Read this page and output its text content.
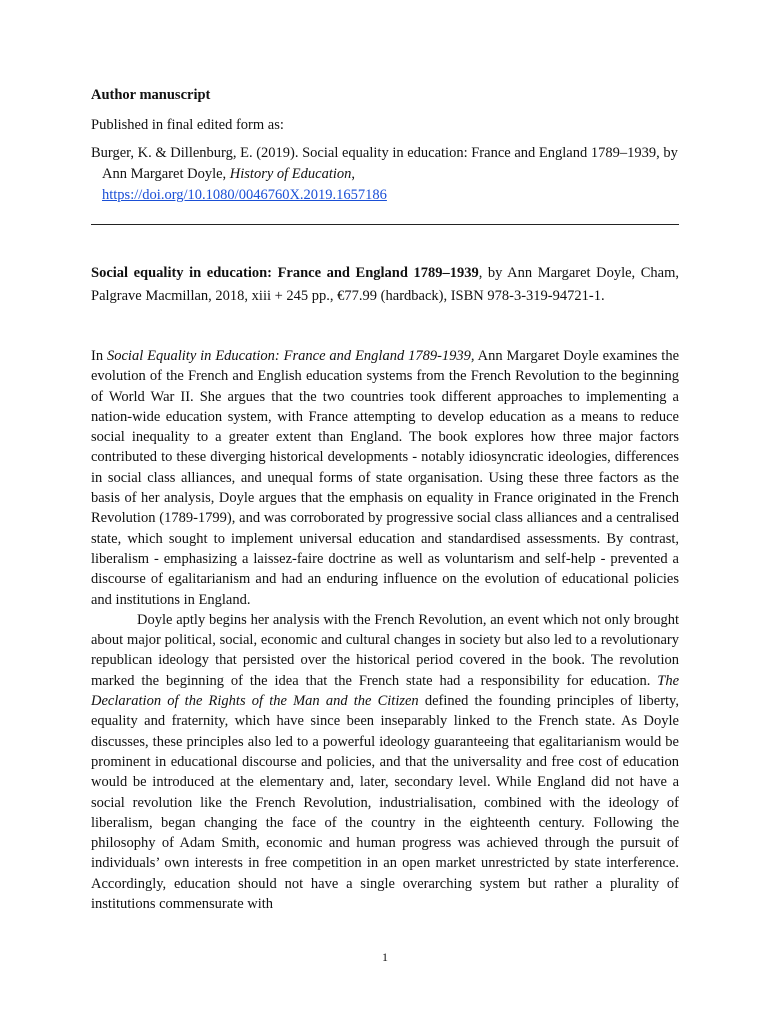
Author manuscript
Published in final edited form as:
Burger, K. & Dillenburg, E. (2019). Social equality in education: France and England 1789–1939, by Ann Margaret Doyle, History of Education,
https://doi.org/10.1080/0046760X.2019.1657186
Social equality in education: France and England 1789–1939, by Ann Margaret Doyle, Cham, Palgrave Macmillan, 2018, xiii + 245 pp., €77.99 (hardback), ISBN 978-3-319-94721-1.

In Social Equality in Education: France and England 1789-1939, Ann Margaret Doyle examines the evolution of the French and English education systems from the French Revolution to the beginning of World War II. She argues that the two countries took different approaches to implementing a nation-wide education system, with France attempting to develop education as a means to reduce social inequality to a greater extent than England. The book explores how three major factors contributed to these diverging historical developments - notably idiosyncratic ideologies, differences in social class alliances, and unequal forms of state organisation. Using these three factors as the basis of her analysis, Doyle argues that the emphasis on equality in France originated in the French Revolution (1789-1799), and was corroborated by progressive social class alliances and a centralised state, which sought to implement universal education and standardised assessments. By contrast, liberalism - emphasizing a laissez-faire doctrine as well as voluntarism and self-help - prevented a discourse of egalitarianism and had an enduring influence on the evolution of educational policies and institutions in England.

Doyle aptly begins her analysis with the French Revolution, an event which not only brought about major political, social, economic and cultural changes in society but also led to a revolutionary republican ideology that persisted over the historical period covered in the book. The revolution marked the beginning of the idea that the French state had a responsibility for education. The Declaration of the Rights of the Man and the Citizen defined the founding principles of liberty, equality and fraternity, which have since been inseparably linked to the French state. As Doyle discusses, these principles also led to a powerful ideology guaranteeing that egalitarianism would be prominent in educational discourse and policies, and that the universality and free cost of education would be introduced at the elementary and, later, secondary level. While England did not have a social revolution like the French Revolution, industrialisation, combined with the ideology of liberalism, began changing the face of the country in the eighteenth century. Following the philosophy of Adam Smith, economic and human progress was achieved through the pursuit of individuals’ own interests in free competition in an open market unrestricted by state interference. Accordingly, education should not have a single overarching system but rather a plurality of institutions commensurate with

1
